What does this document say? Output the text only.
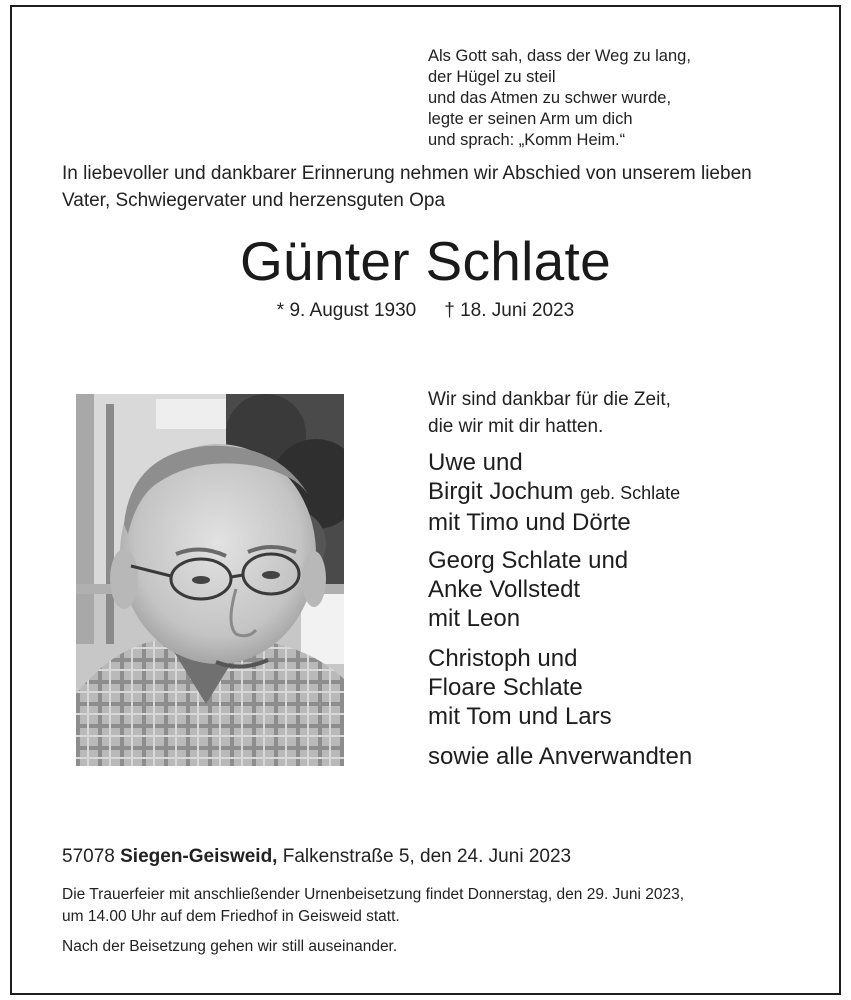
Als Gott sah, dass der Weg zu lang,
der Hügel zu steil
und das Atmen zu schwer wurde,
legte er seinen Arm um dich
und sprach: „Komm Heim.“
In liebevoller und dankbarer Erinnerung nehmen wir Abschied von unserem lieben
Vater, Schwiegervater und herzensguten Opa
Günter Schlate
* 9. August 1930 † 18. Juni 2023
Wir sind dankbar für die Zeit,
die wir mit dir hatten.
Uwe und
Birgit Jochum geb. Schlate
mit Timo und Dörte
Georg Schlate und
Anke Vollstedt
mit Leon
Christoph und
Floare Schlate
mit Tom und Lars
sowie alle Anverwandten
57078 Siegen-Geisweid, Falkenstraße 5, den 24. Juni 2023
Die Trauerfeier mit anschließender Urnenbeisetzung findet Donnerstag, den 29. Juni 2023,
um 14.00 Uhr auf dem Friedhof in Geisweid statt.
Nach der Beisetzung gehen wir still auseinander.
